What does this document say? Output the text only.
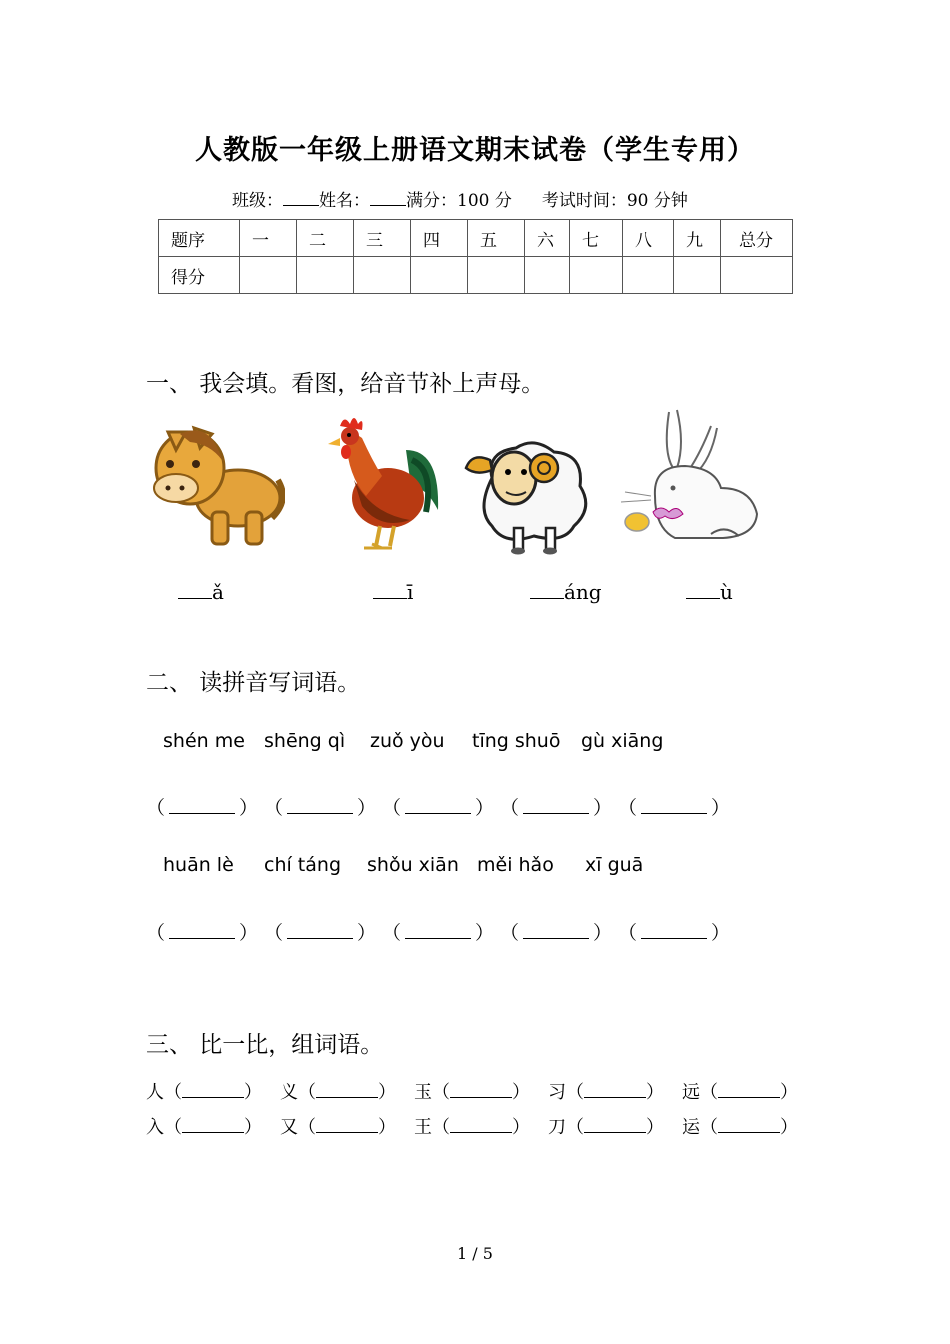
人教版一年级上册语文期末试卷（学生专用）
班级： 姓名： 满分：100 分 考试时间：90 分钟
题序	一	二	三	四	五	六	七	八	九	总分
得分										
一、 我会填。看图，给音节补上声母。
ǎ	ī	áng	ù
二、 读拼音写词语。
shén me shēng qì zuǒ yòu tīng shuō gù xiāng
（	） （	） （	） （	） （	）
huān lè chí táng shǒu xiān měi hǎo xī guā
（	） （	） （	） （	） （	）
三、 比一比，组词语。
人（	） 义（	） 玉（	） 习（	） 远（	）
入（	） 又（	） 王（	） 刀（	） 运（	）
1 / 5
